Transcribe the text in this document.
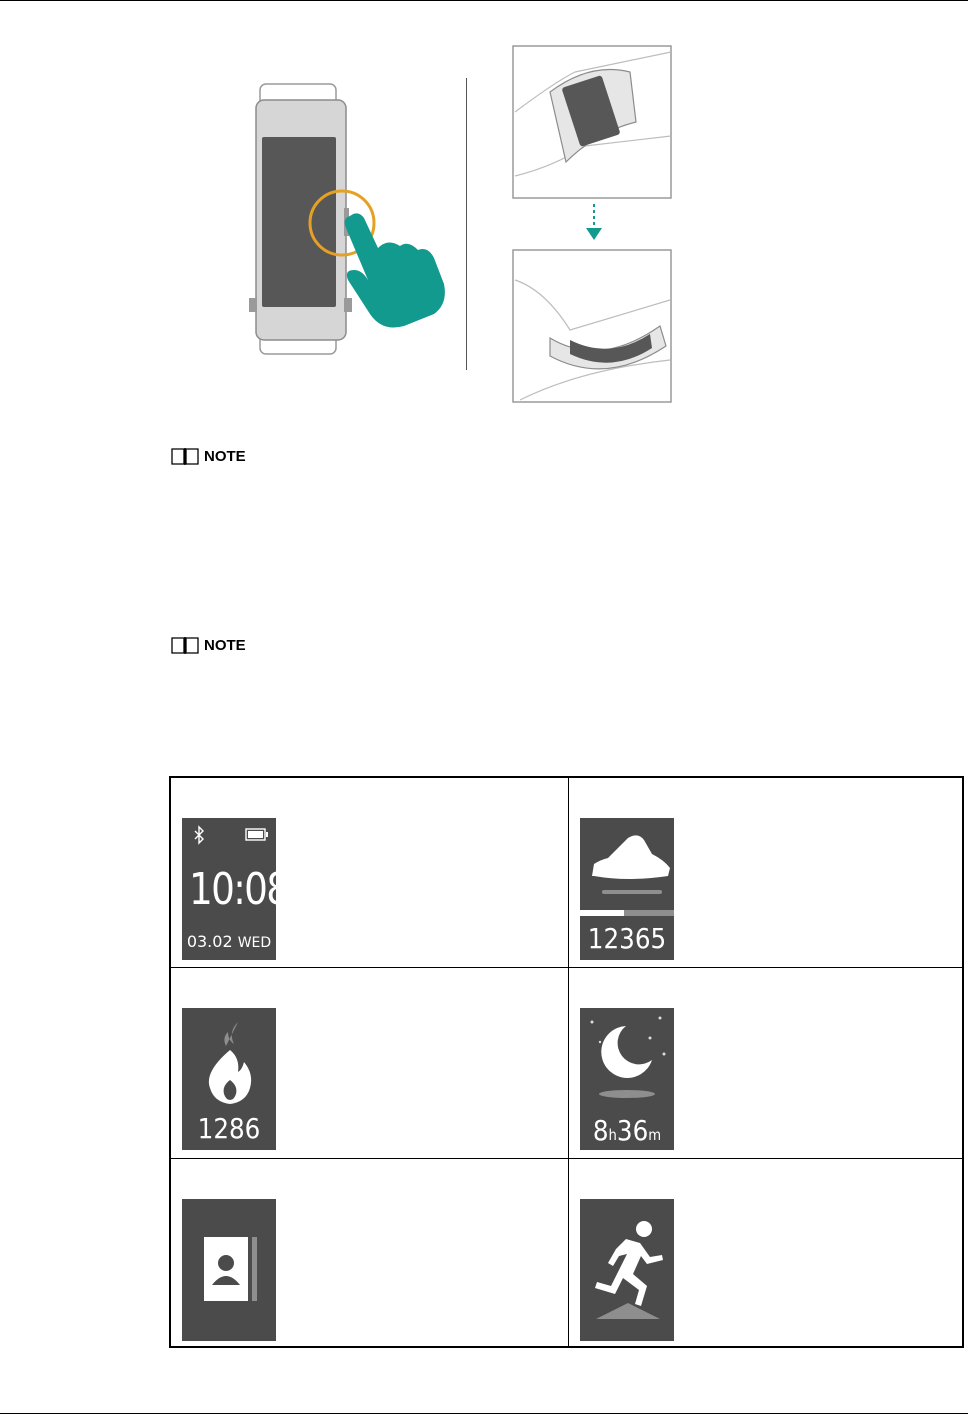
NOTE
NOTE
10:08
03.02 WED	12365
1286	8h36m
